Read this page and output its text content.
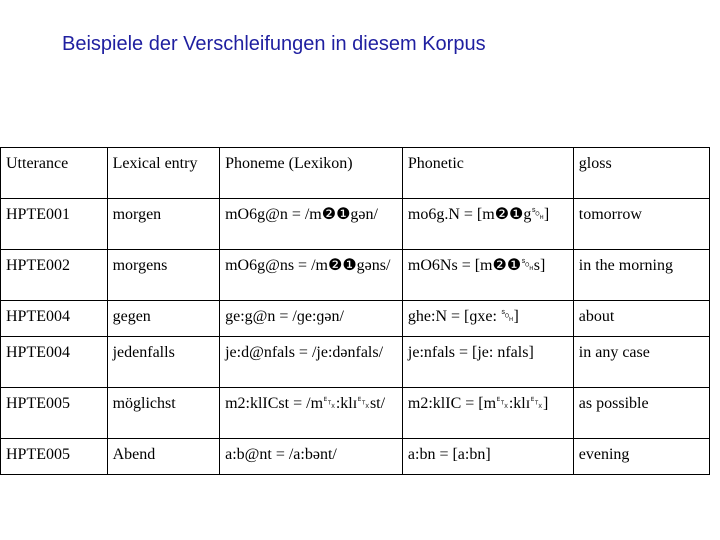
Beispiele der Verschleifungen in diesem Korpus
Utterance	Lexical entry	Phoneme (Lexikon)	Phonetic	gloss
HPTE001	morgen	mO6g@n = /m❷❶gən/	mo6g.N = [m❷❶g␁]	tomorrow
HPTE002	morgens	mO6g@ns = /m❷❶gəns/	mO6Ns = [m❷❶␁s]	in the morning
HPTE004	gegen	ge:g@n = /ɡe:ɡən/	ghe:N = [ɡxe: ␁]	about
HPTE004	jedenfalls	je:d@nfals = /je:dənfals/	je:nfals = [je: nfals]	in any case
HPTE005	möglichst	m2:klICst = /m␃:klɪ␃st/	m2:klIC = [m␃:klɪ␃]	as possible
HPTE005	Abend	a:b@nt = /a:bənt/	a:bn = [a:bn]	evening
